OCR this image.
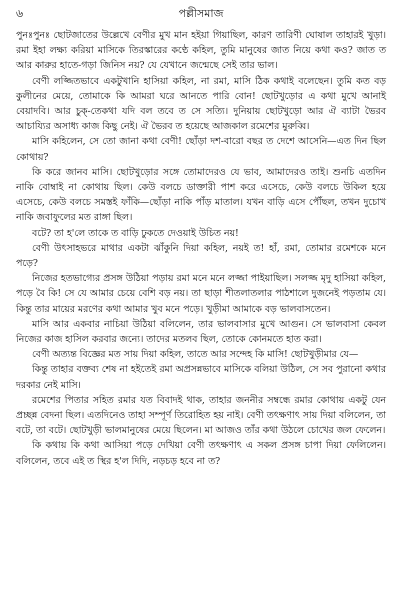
৬	পল্লীসমাজ

পুনঃপুনঃ ছোটজাতের উল্লেখে বেণীর মুখ মান হইয়া গিয়াছিল, কারণ তারিণী ঘোষাল তাহারই খুড়া। রমা ইহা লক্ষ্য করিয়া মাসিকে তিরস্কারের কণ্ঠে কহিল, তুমি মানুষের জাত নিয়ে কথা কও? জাত ত আর কারুর হাতে-গড়া জিনিস নয়? যে যেখানে জন্মেছে সেই তার ভাল।

বেণী লজ্জিতভাবে একটুখানি হাসিয়া কহিল, না রমা, মাসি ঠিক কথাই বলেছেন। তুমি কত বড় কুলীনের মেয়ে, তোমাকে কি আমরা ঘরে আনতে পারি বোন! ছোটখুড়োর এ কথা মুখে আনাই বেয়াদবি। আর চুক্-তেকথা যদি বল তবে ত সে সত্যি। দুনিয়ায় ছোটখুড়ো আর ঐ ব্যাটা ভৈরব আচায্যির অসাধ্য কাজ কিছু নেই। ঐ ভৈরব ত হয়েছে আজকাল রমেশের মুরুব্বি।

মাসি কহিলেন, সে তো জানা কথা বেণী! ছোঁড়া দশ-বারো বছর ত দেশে আসেনি—এত দিন ছিল কোথায়?

কি করে জানব মাসি। ছোটখুড়োর সঙ্গে তোমাদেরও যে ভাব, আমাদেরও তাই। শুনচি এতদিন নাকি বোম্বাই না কোথায় ছিল। কেউ বলচে ডাক্তারী পাশ করে এসেচে, কেউ বলচে উকিল হয়ে এসেচে, কেউ বলচে সমস্তই ফাঁকি—ছোঁড়া নাকি পাঁড় মাতাল। যখন বাড়ি এসে পৌঁছল, তখন দুচোখ নাকি জবাফুলের মত রাঙ্গা ছিল।

বটে? তা হ'লে তাকে ত বাড়ি ঢুকতে দেওয়াই উচিত নয়!

বেণী উৎসাহভরে মাথার একটা ঝাঁকুনি দিয়া কহিল, নয়ই ত! হাঁ, রমা, তোমার রমেশকে মনে পড়ে?

নিজের হতভাগ্যের প্রসঙ্গ উঠিয়া পড়ায় রমা মনে মনে লজ্জা পাইয়াছিল। সলজ্জ মৃদু হাসিয়া কহিল, পড়ে বৈ কি! সে যে আমার চেয়ে বেশি বড় নয়। তা ছাড়া শীতলাতলার পাঠশালে দুজনেই পড়তাম যে। কিন্তু তার মায়ের মরণের কথা আমার খুব মনে পড়ে। খুড়ীমা আমাকে বড় ভালবাসতেন।

মাসি আর একবার নাচিয়া উঠিয়া বলিলেন, তার ভালবাসার মুখে আগুন। সে ভালবাসা কেবল নিজের কাজ হাসিল করবার জন্যে। তাদের মতলব ছিল, তোকে কোনমতে হাত করা।

বেণী অত্যন্ত বিজ্ঞের মত সায় দিয়া কহিল, তাতে আর সন্দেহ কি মাসি! ছোটখুড়ীমার যে—

কিন্তু তাহার বক্তব্য শেষ না হইতেই রমা অপ্রসন্নভাবে মাসিকে বলিয়া উঠিল, সে সব পুরানো কথার দরকার নেই মাসি।

রমেশের পিতার সহিত রমার যত বিবাদই থাক, তাহার জননীর সম্বন্ধে রমার কোথায় একটু যেন প্রচ্ছন্ন বেদনা ছিল। এতদিনেও তাহা সম্পূর্ণ তিরোহিত হয় নাই। বেণী তৎক্ষণাৎ সায় দিয়া বলিলেন, তা বটে, তা বটে। ছোটখুড়ী ভালমানুষের মেয়ে ছিলেন। মা আজও তাঁর কথা উঠলে চোখের জল ফেলেন।

কি কথায় কি কথা আসিয়া পড়ে দেখিয়া বেণী তৎক্ষণাৎ এ সকল প্রসঙ্গ চাপা দিয়া ফেলিলেন। বলিলেন, তবে এই ত স্থির হ'ল দিদি, নড়চড় হবে না ত?
